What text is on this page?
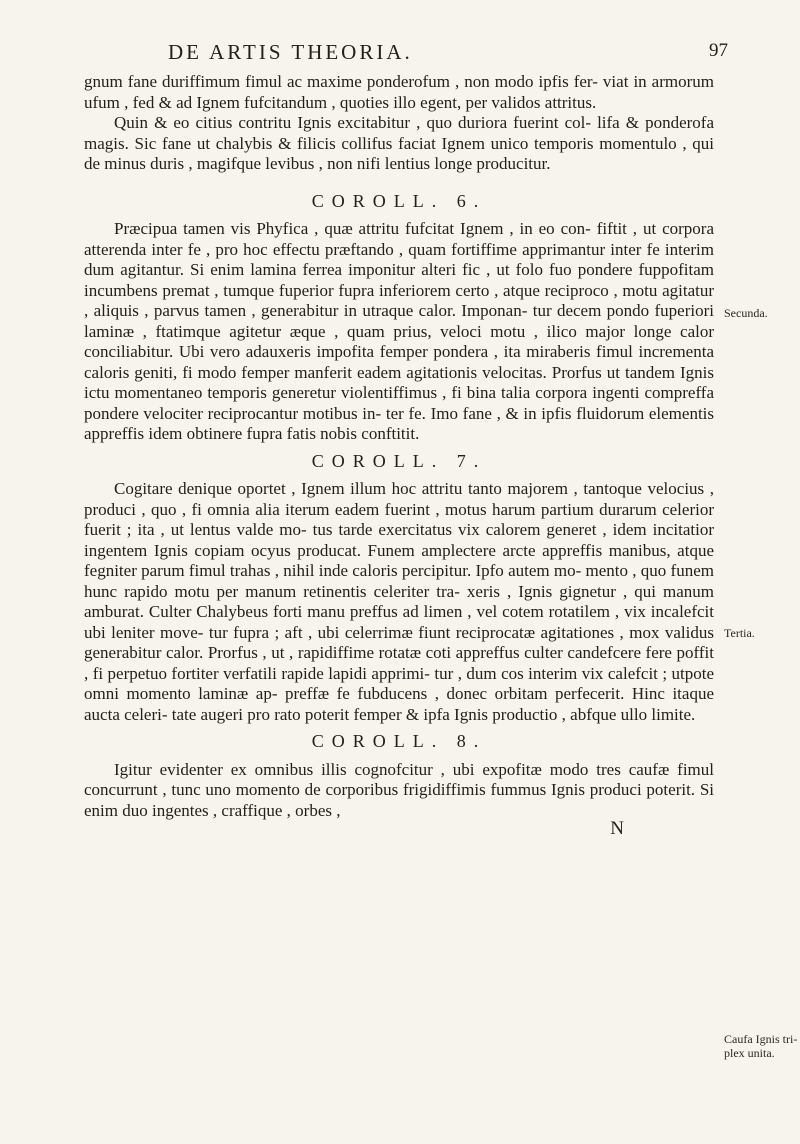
DE ARTIS THEORIA.	97

gnum fane duriffimum fimul ac maxime ponderofum , non modo ipfis fer- viat in armorum ufum , fed & ad Ignem fufcitandum , quoties illo egent, per validos attritus.

Quin & eo citius contritu Ignis excitabitur , quo duriora fuerint col- lifa & ponderofa magis. Sic fane ut chalybis & filicis collifus faciat Ignem unico temporis momentulo , qui de minus duris , magifque levibus , non nifi lentius longe producitur.

COROLL. 6.

Præcipua tamen vis Phyfica , quæ attritu fufcitat Ignem , in eo con- fiftit , ut corpora atterenda inter fe , pro hoc effectu præftando , quam fortiffime apprimantur inter fe interim dum agitantur. Si enim lamina ferrea imponitur alteri fic , ut folo fuo pondere fuppofitam incumbens premat , tumque fuperior fupra inferiorem certo , atque reciproco , motu agitatur , aliquis , parvus tamen , generabitur in utraque calor. Imponan- tur decem pondo fuperiori laminæ , ftatimque agitetur æque , quam prius, veloci motu , ilico major longe calor conciliabitur. Ubi vero adauxeris impofita femper pondera , ita miraberis fimul incrementa caloris geniti, fi modo femper manferit eadem agitationis velocitas. Prorfus ut tandem Ignis ictu momentaneo temporis generetur violentiffimus , fi bina talia corpora ingenti compreffa pondere velociter reciprocantur motibus in- ter fe. Imo fane , & in ipfis fluidorum elementis appreffis idem obtinere fupra fatis nobis conftitit.

COROLL. 7.

Cogitare denique oportet , Ignem illum hoc attritu tanto majorem , tantoque velocius , produci , quo , fi omnia alia iterum eadem fuerint , motus harum partium durarum celerior fuerit ; ita , ut lentus valde mo- tus tarde exercitatus vix calorem generet , idem incitatior ingentem Ignis copiam ocyus producat. Funem amplectere arcte appreffis manibus, atque fegniter parum fimul trahas , nihil inde caloris percipitur. Ipfo autem mo- mento , quo funem hunc rapido motu per manum retinentis celeriter tra- xeris , Ignis gignetur , qui manum amburat. Culter Chalybeus forti manu preffus ad limen , vel cotem rotatilem , vix incalefcit ubi leniter move- tur fupra ; aft , ubi celerrimæ fiunt reciprocatæ agitationes , mox validus generabitur calor. Prorfus , ut , rapidiffime rotatæ coti appreffus culter candefcere fere poffit , fi perpetuo fortiter verfatili rapide lapidi apprimi- tur , dum cos interim vix calefcit ; utpote omni momento laminæ ap- preffæ fe fubducens , donec orbitam perfecerit. Hinc itaque aucta celeri- tate augeri pro rato poterit femper & ipfa Ignis productio , abfque ullo limite.

COROLL. 8.

Igitur evidenter ex omnibus illis cognofcitur , ubi expofitæ modo tres caufæ fimul concurrunt , tunc uno momento de corporibus frigidiffimis fummus Ignis produci poterit. Si enim duo ingentes , craffique , orbes ,

N
Secunda.
Tertia.
Caufa Ignis tri- plex unita.
